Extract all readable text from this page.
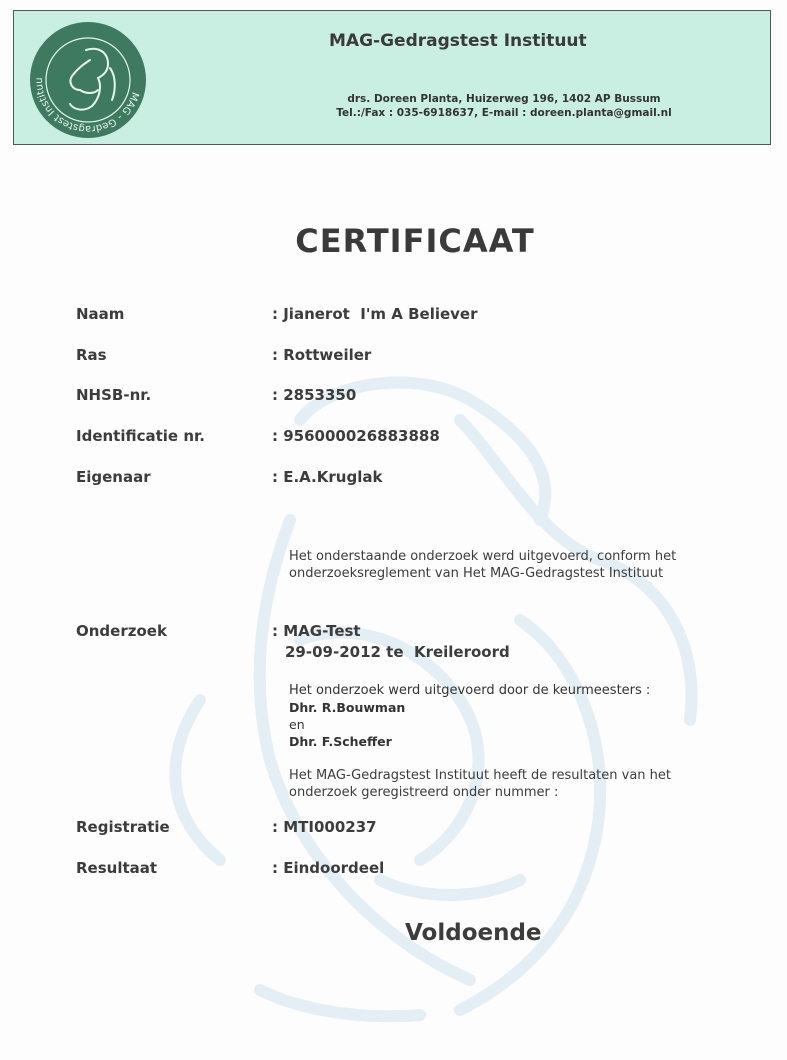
MAG - Gedragstest Instituu
MAG-Gedragstest Instituut
drs. Doreen Planta, Huizerweg 196, 1402 AP Bussum
Tel.:/Fax : 035-6918637, E-mail : doreen.planta@gmail.nl
CERTIFICAAT
Naam	: Jianerot  I'm A Believer
Ras	: Rottweiler
NHSB-nr.	: 2853350
Identificatie nr.	: 956000026883888
Eigenaar	: E.A.Kruglak
Het onderstaande onderzoek werd uitgevoerd, conform het
onderzoeksreglement van Het MAG-Gedragstest Instituut
Onderzoek	: MAG-Test
29-09-2012 te  Kreileroord
Het onderzoek werd uitgevoerd door de keurmeesters :
Dhr. R.Bouwman
en
Dhr. F.Scheffer
Het MAG-Gedragstest Instituut heeft de resultaten van het
onderzoek geregistreerd onder nummer :
Registratie	: MTI000237
Resultaat	: Eindoordeel
Voldoende
